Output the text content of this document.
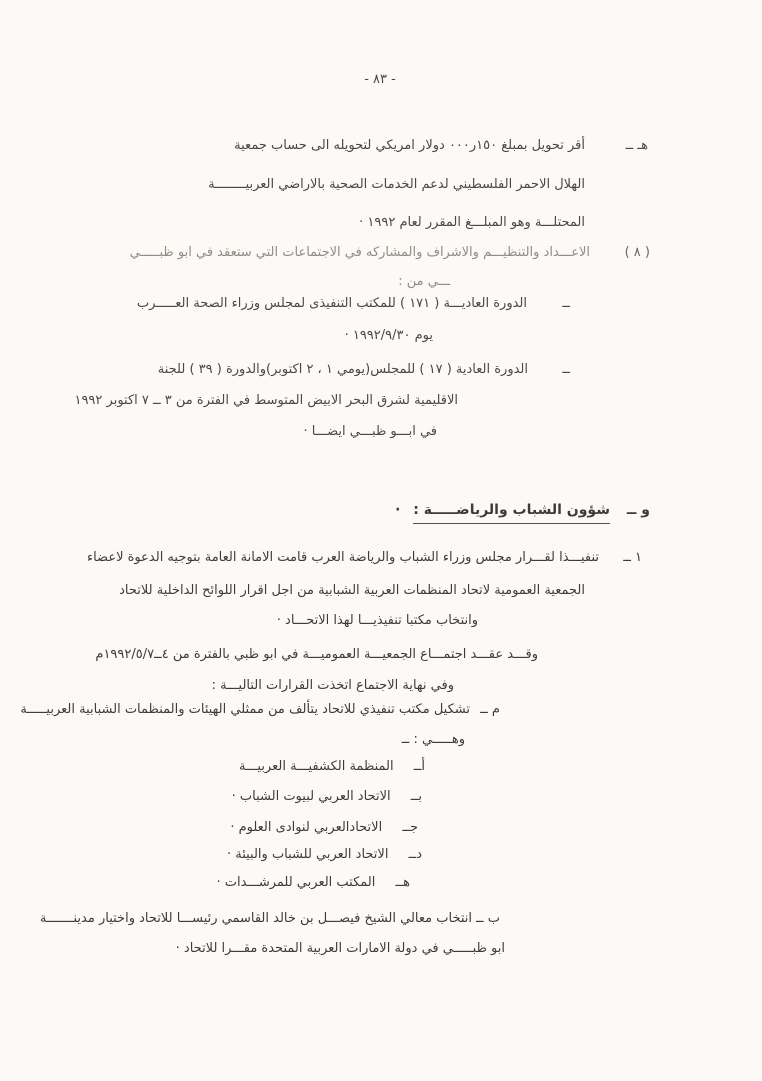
- ٨٣ -
هـ ــ
أقر تحويل بمبلغ ١٥٠ر٠٠٠ دولار امريكي لتحويله الى حساب جمعية
الهلال الاحمر الفلسطيني لدعم الخدمات الصحية بالاراضي العربيــــــــة
المحتلـــة وهو المبلـــغ المقرر لعام ١٩٩٢ ·
( ٨ )
الاعـــداد والتنظيـــم والاشراف والمشاركه في الاجتماعات التي ستعقد في ابو ظبـــــي
ـــي من :
ــ
الدورة العاديـــة ( ١٧١ ) للمكتب التنفيذى لمجلس وزراء الصحة العـــــرب
يوم ١٩٩٢/٩/٣٠ ·
ــ
الدورة العادية ( ١٧ ) للمجلس(يومي ١ ، ٢ اكتوبر)والدورة ( ٣٩ ) للجنة
الاقليمية لشرق البحر الابيض المتوسط في الفترة من ٣ ــ ٧ اكتوبر ١٩٩٢
في ابـــو ظبـــي ايضـــا ·
و ــ شؤون الشباب والرياضـــــة : ·
١ ــ
تنفيـــذا لقـــرار مجلس وزراء الشباب والرياضة العرب قامت الامانة العامة بتوجيه الدعوة لاعضاء
الجمعية العمومية لاتحاد المنظمات العربية الشبابية من اجل اقرار اللوائح الداخلية للاتحاد
وانتخاب مكتبا تنفيذيـــا لهذا الاتحـــاد ·
وقـــد عقـــد اجتمـــاع الجمعيـــة العموميـــة في ابو ظبي بالفترة من ٤ــ١٩٩٢/٥/٧م
وفي نهاية الاجتماع اتخذت القرارات التاليـــة :
م ــ
تشكيل مكتب تنفيذي للاتحاد يتألف من ممثلي الهيئات والمنظمات الشبابية العربيـــــة
وهـــــي : ــ
أــ المنظمة الكشفيـــة العربيـــة
بــ الاتحاد العربي لبيوت الشباب ·
جــ الاتحادالعربي لنوادى العلوم ·
دــ الاتحاد العربي للشباب والبيئة ·
هــ المكتب العربي للمرشـــدات ·
ب ــ
انتخاب معالي الشيخ فيصـــل بن خالد القاسمي رئيســـا للاتحاد واختيار مدينـــــــة
ابو ظبـــــي في دولة الامارات العربية المتحدة مقـــرا للاتحاد ·
